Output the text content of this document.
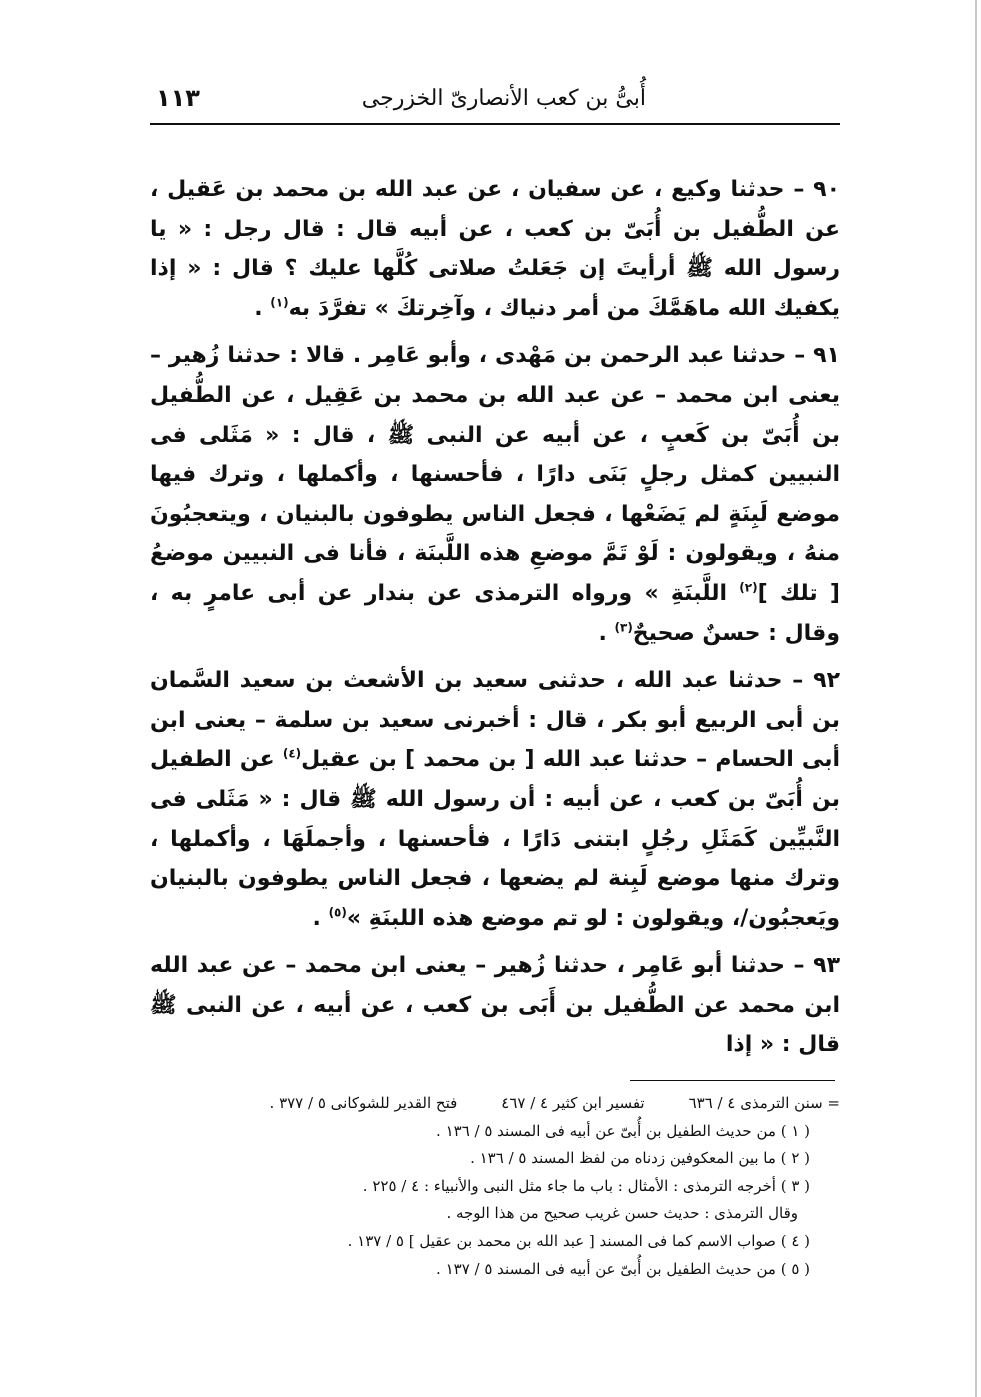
أُبىُّ بن كعب الأنصارىّ الخزرجى
١١٣

٩٠ – حدثنا وكيع ، عن سفيان ، عن عبد الله بن محمد بن عَقيل ، عن الطُّفيل بن أُبَىّ بن كعب ، عن أبيه قال : قال رجل : « يا رسول الله ﷺ أرأيتَ إن جَعَلتُ صلاتى كُلَّها عليك ؟ قال : « إذا يكفيك الله ماهَمَّكَ من أمر دنياك ، وآخِرتكَ » تفرَّدَ به$^{(١)}$ .

٩١ – حدثنا عبد الرحمن بن مَهْدى ، وأبو عَامِر . قالا : حدثنا زُهير – يعنى ابن محمد – عن عبد الله بن محمد بن عَقِيل ، عن الطُّفيل بن أُبَىّ بن كَعبٍ ، عن أبيه عن النبى ﷺ ، قال : « مَثَلى فى النبيين كمثل رجلٍ بَنَى دارًا ، فأحسنها ، وأكملها ، وترك فيها موضع لَبِنَةٍ لم يَضَعْها ، فجعل الناس يطوفون بالبنيان ، ويتعجبُونَ منهُ ، ويقولون : لَوْ تَمَّ موضعِ هذه اللَّبنَة ، فأنا فى النبيين موضعُ [ تلك ]$^{(٢)}$ اللَّبنَةِ » ورواه الترمذى عن بندار عن أبى عامرٍ به ، وقال : حسنٌ صحيحٌ$^{(٣)}$ .

٩٢ – حدثنا عبد الله ، حدثنى سعيد بن الأشعث بن سعيد السَّمان بن أبى الربيع أبو بكر ، قال : أخبرنى سعيد بن سلمة – يعنى ابن أبى الحسام – حدثنا عبد الله [ بن محمد ] بن عقيل$^{(٤)}$ عن الطفيل بن أُبَىّ بن كعب ، عن أبيه : أن رسول الله ﷺ قال : « مَثَلى فى النَّبيِّين كَمَثَلِ رجُلٍ ابتنى دَارًا ، فأحسنها ، وأجملَهَا ، وأكملها ، وترك منها موضع لَبِنة لم يضعها ، فجعل الناس يطوفون بالبنيان ويَعجبُون/، ويقولون : لو تم موضع هذه اللبنَةِ »$^{(٥)}$ .

٩٣ – حدثنا أبو عَامِر ، حدثنا زُهير – يعنى ابن محمد – عن عبد الله ابن محمد عن الطُّفيل بن أَبَى بن كعب ، عن أبيه ، عن النبى ﷺ قال : « إذا

= سنن الترمذى ٤ / ٦٣٦
تفسير ابن كثير ٤ / ٤٦٧
فتح القدير للشوكانى ٥ / ٣٧٧ .

( ١ ) من حديث الطفيل بن أُبىّ عن أبيه فى المسند ٥ / ١٣٦ .

( ٢ ) ما بين المعكوفين زدناه من لفظ المسند ٥ / ١٣٦ .

( ٣ ) أخرجه الترمذى : الأمثال : باب ما جاء مثل النبى والأنبياء : ٤ / ٢٢٥ .

وقال الترمذى : حديث حسن غريب صحيح من هذا الوجه .

( ٤ ) صواب الاسم كما فى المسند [ عبد الله بن محمد بن عقيل ] ٥ / ١٣٧ .

( ٥ ) من حديث الطفيل بن أُبىّ عن أبيه فى المسند ٥ / ١٣٧ .
